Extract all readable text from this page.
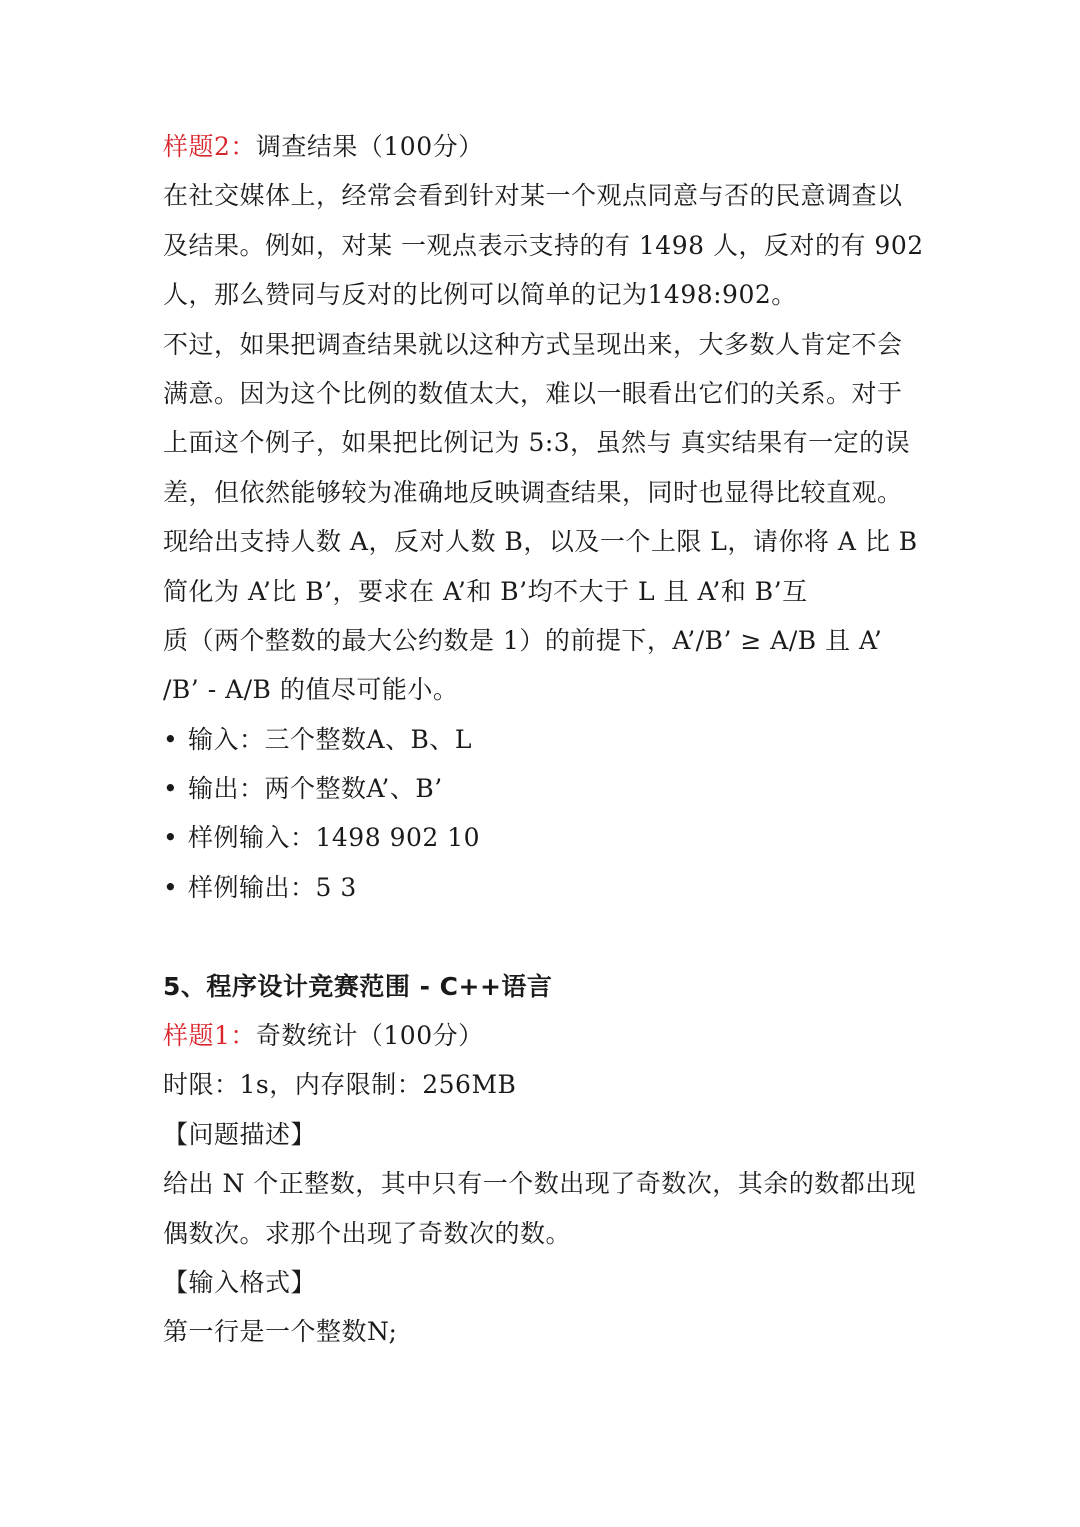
样题2：调查结果（100分）
在社交媒体上，经常会看到针对某一个观点同意与否的民意调查以
及结果。例如，对某 一观点表示支持的有 1498 人，反对的有 902
人，那么赞同与反对的比例可以简单的记为1498:902。
不过，如果把调查结果就以这种方式呈现出来，大多数人肯定不会
满意。因为这个比例的数值太大，难以一眼看出它们的关系。对于
上面这个例子，如果把比例记为 5:3，虽然与 真实结果有一定的误
差，但依然能够较为准确地反映调查结果，同时也显得比较直观。
现给出支持人数 A，反对人数 B，以及一个上限 L，请你将 A 比 B
简化为 A’比 B’，要求在 A’和 B’均不大于 L 且 A’和 B’互
质（两个整数的最大公约数是 1）的前提下，A’/B’ ≥ A/B 且 A’
/B’ - A/B 的值尽可能小。
• 输入：三个整数A、B、L
• 输出：两个整数A’、B’
• 样例输入：1498 902 10
• 样例输出：5 3
5、程序设计竞赛范围 - C++语言
样题1：奇数统计（100分）
时限：1s，内存限制：256MB
【问题描述】
给出 N 个正整数，其中只有一个数出现了奇数次，其余的数都出现
偶数次。求那个出现了奇数次的数。
【输入格式】
第一行是一个整数N;
